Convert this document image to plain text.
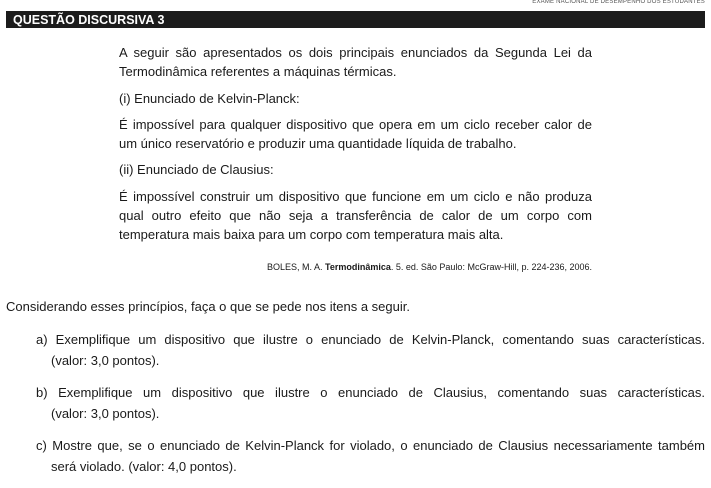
EXAME NACIONAL DE DESEMPENHO DOS ESTUDANTES
QUESTÃO DISCURSIVA 3

A seguir são apresentados os dois principais enunciados da Segunda Lei da Termodinâmica referentes a máquinas térmicas.

(i) Enunciado de Kelvin-Planck:

É impossível para qualquer dispositivo que opera em um ciclo receber calor de um único reservatório e produzir uma quantidade líquida de trabalho.

(ii) Enunciado de Clausius:

É impossível construir um dispositivo que funcione em um ciclo e não produza qual outro efeito que não seja a transferência de calor de um corpo com temperatura mais baixa para um corpo com temperatura mais alta.

BOLES, M. A. Termodinâmica. 5. ed. São Paulo: McGraw-Hill, p. 224-236, 2006.
Considerando esses princípios, faça o que se pede nos itens a seguir.
a) Exemplifique um dispositivo que ilustre o enunciado de Kelvin-Planck, comentando suas características.
(valor: 3,0 pontos).
b) Exemplifique um dispositivo que ilustre o enunciado de Clausius, comentando suas características.
(valor: 3,0 pontos).
c) Mostre que, se o enunciado de Kelvin-Planck for violado, o enunciado de Clausius necessariamente também
será violado. (valor: 4,0 pontos).
